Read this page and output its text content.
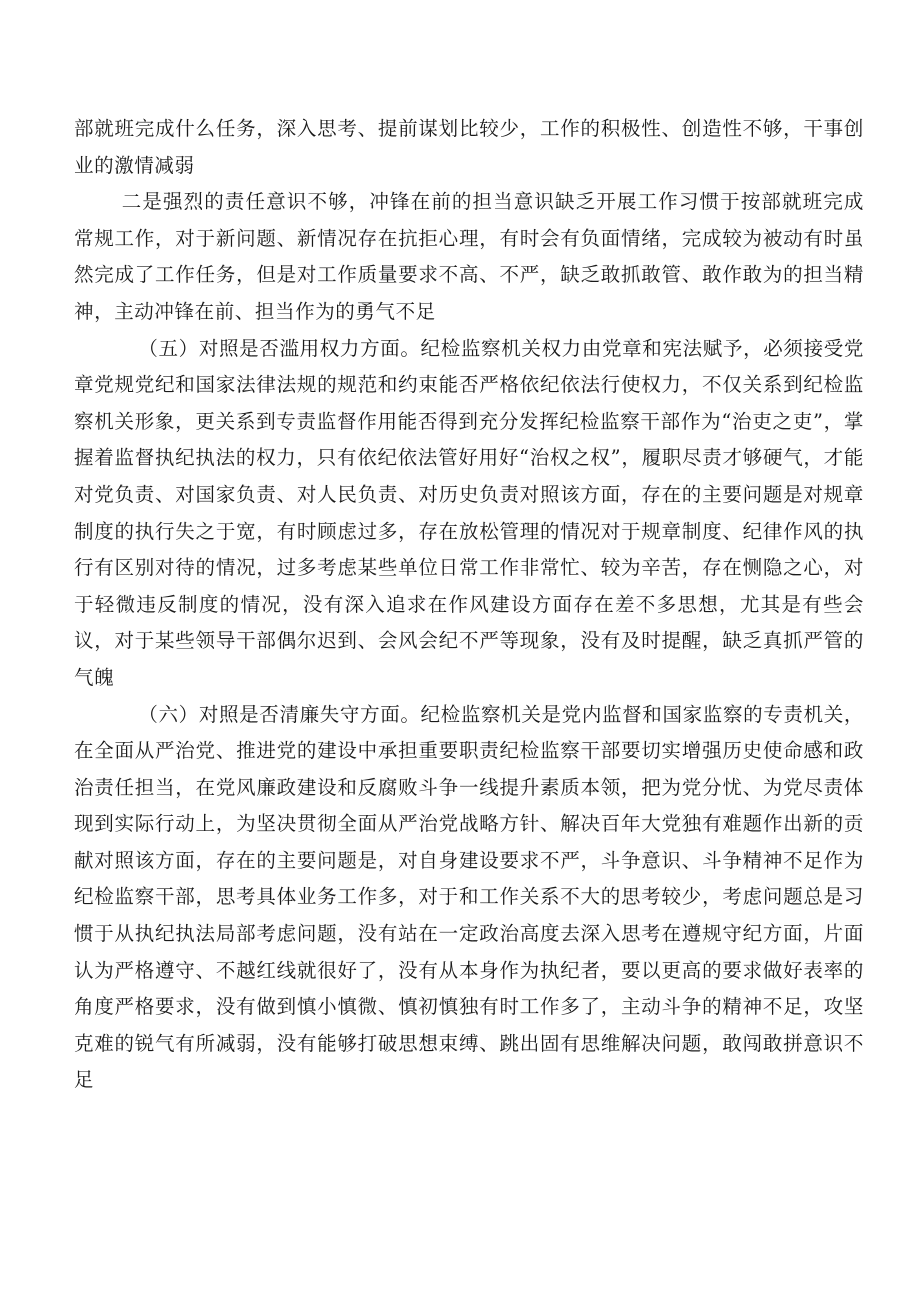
部就班完成什么任务，深入思考、提前谋划比较少，工作的积极性、创造性不够，干事创业的激情减弱

二是强烈的责任意识不够，冲锋在前的担当意识缺乏开展工作习惯于按部就班完成常规工作，对于新问题、新情况存在抗拒心理，有时会有负面情绪，完成较为被动有时虽然完成了工作任务，但是对工作质量要求不高、不严，缺乏敢抓敢管、敢作敢为的担当精神，主动冲锋在前、担当作为的勇气不足

（五）对照是否滥用权力方面。纪检监察机关权力由党章和宪法赋予，必须接受党章党规党纪和国家法律法规的规范和约束能否严格依纪依法行使权力，不仅关系到纪检监察机关形象，更关系到专责监督作用能否得到充分发挥纪检监察干部作为“治吏之吏”，掌握着监督执纪执法的权力，只有依纪依法管好用好“治权之权”，履职尽责才够硬气，才能对党负责、对国家负责、对人民负责、对历史负责对照该方面，存在的主要问题是对规章制度的执行失之于宽，有时顾虑过多，存在放松管理的情况对于规章制度、纪律作风的执行有区别对待的情况，过多考虑某些单位日常工作非常忙、较为辛苦，存在恻隐之心，对于轻微违反制度的情况，没有深入追求在作风建设方面存在差不多思想，尤其是有些会议，对于某些领导干部偶尔迟到、会风会纪不严等现象，没有及时提醒，缺乏真抓严管的气魄

（六）对照是否清廉失守方面。纪检监察机关是党内监督和国家监察的专责机关，在全面从严治党、推进党的建设中承担重要职责纪检监察干部要切实增强历史使命感和政治责任担当，在党风廉政建设和反腐败斗争一线提升素质本领，把为党分忧、为党尽责体现到实际行动上，为坚决贯彻全面从严治党战略方针、解决百年大党独有难题作出新的贡献对照该方面，存在的主要问题是，对自身建设要求不严，斗争意识、斗争精神不足作为纪检监察干部，思考具体业务工作多，对于和工作关系不大的思考较少，考虑问题总是习惯于从执纪执法局部考虑问题，没有站在一定政治高度去深入思考在遵规守纪方面，片面认为严格遵守、不越红线就很好了，没有从本身作为执纪者，要以更高的要求做好表率的角度严格要求，没有做到慎小慎微、慎初慎独有时工作多了，主动斗争的精神不足，攻坚克难的锐气有所减弱，没有能够打破思想束缚、跳出固有思维解决问题，敢闯敢拼意识不足
